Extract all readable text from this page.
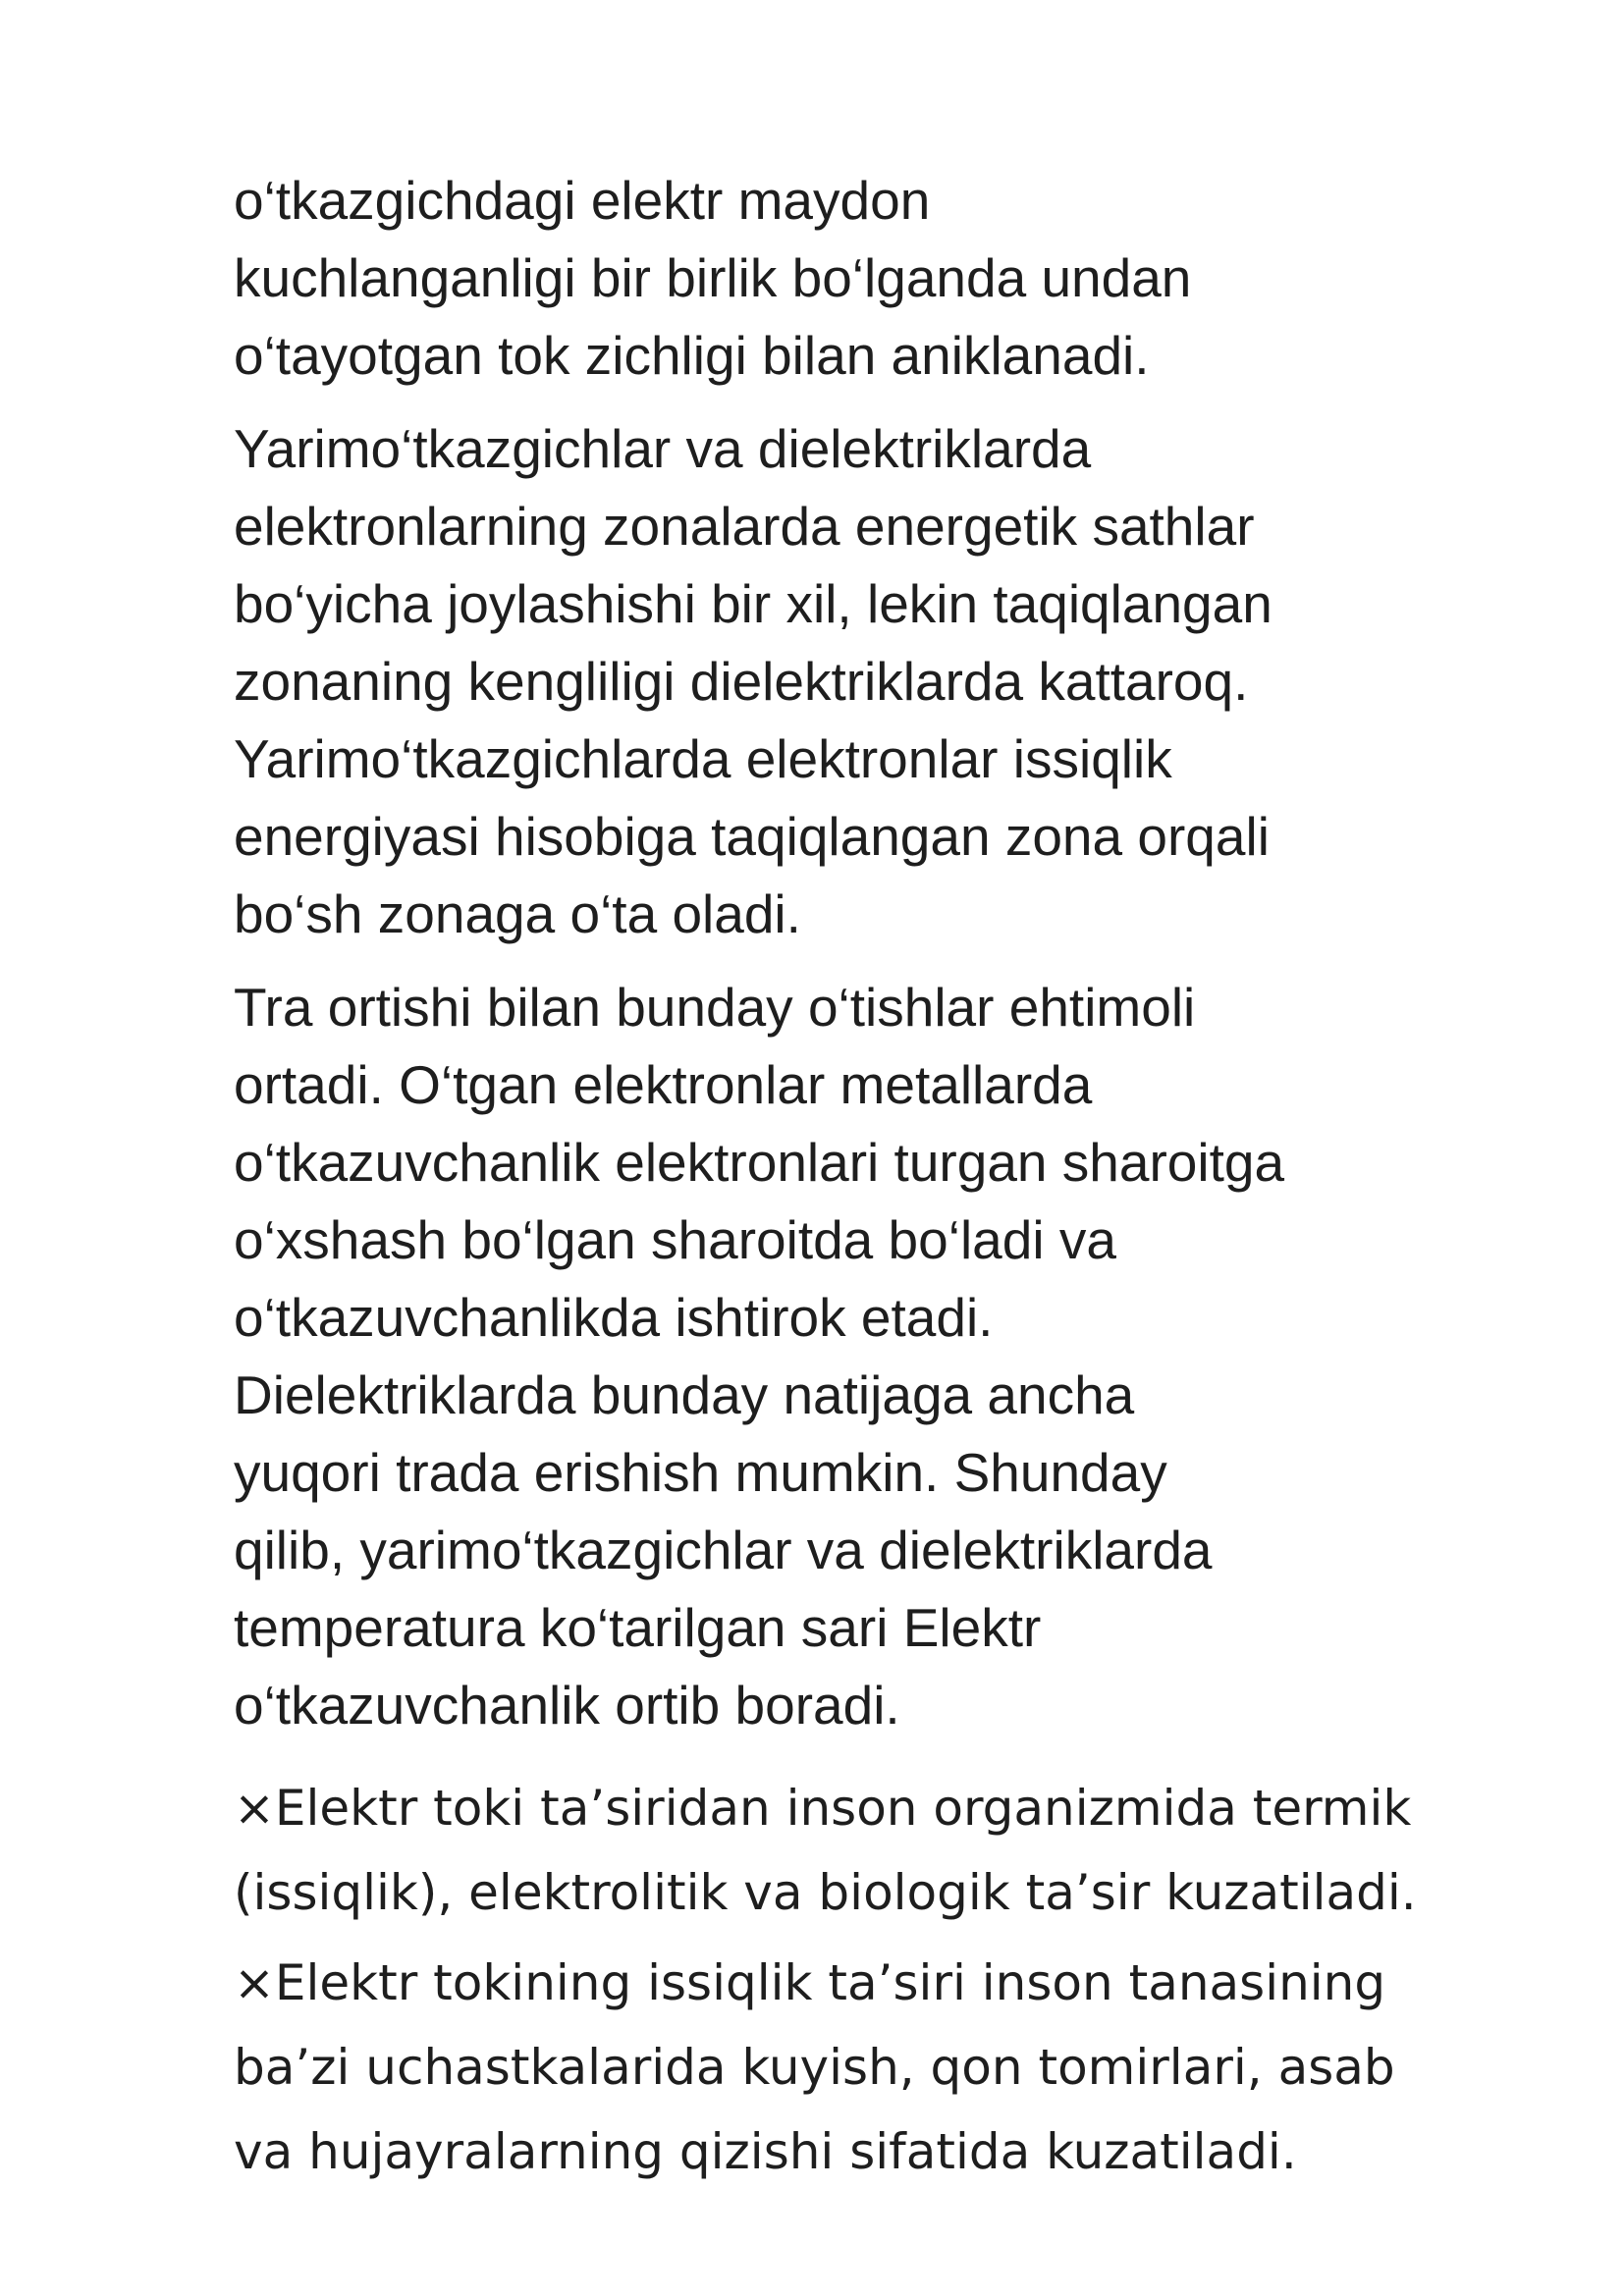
o‘tkazgichdagi elektr maydon
kuchlanganligi bir birlik bo‘lganda undan
o‘tayotgan tok zichligi bilan aniklanadi.

Yarimo‘tkazgichlar va dielektriklarda
elektronlarning zonalarda energetik sathlar
bo‘yicha joylashishi bir xil, lekin taqiqlangan
zonaning kengliligi dielektriklarda kattaroq.
Yarimo‘tkazgichlarda elektronlar issiqlik
energiyasi hisobiga taqiqlangan zona orqali
bo‘sh zonaga o‘ta oladi.

Tra ortishi bilan bunday o‘tishlar ehtimoli
ortadi. O‘tgan elektronlar metallarda
o‘tkazuvchanlik elektronlari turgan sharoitga
o‘xshash bo‘lgan sharoitda bo‘ladi va
o‘tkazuvchanlikda ishtirok etadi.
Dielektriklarda bunday natijaga ancha
yuqori trada erishish mumkin. Shunday
qilib, yarimo‘tkazgichlar va dielektriklarda
temperatura ko‘tarilgan sari Elektr
o‘tkazuvchanlik ortib boradi.

×Elektr toki ta’siridan inson organizmida termik
(issiqlik), elektrolitik va biologik ta’sir kuzatiladi.

×Elektr tokining issiqlik ta’siri inson tanasining
ba’zi uchastkalarida kuyish, qon tomirlari, asab
va hujayralarning qizishi sifatida kuzatiladi.
